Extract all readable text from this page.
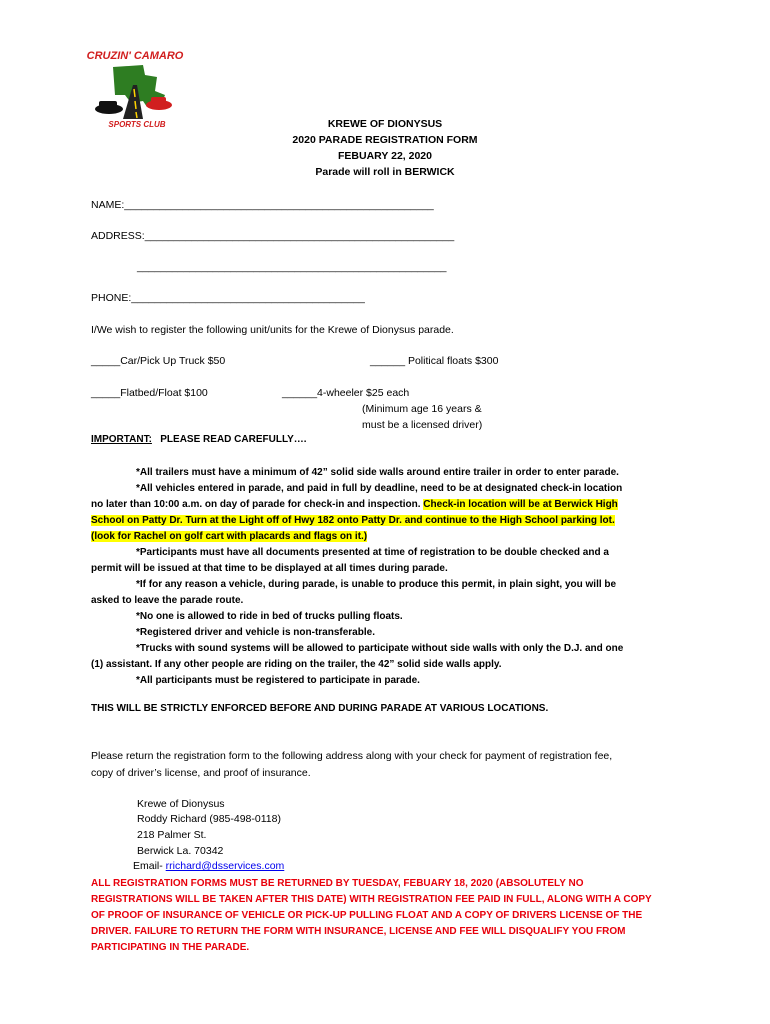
CRUZIN' CAMARO
SPORTS CLUB	KREWE OF DIONYSUS
2020 PARADE REGISTRATION FORM
FEBUARY 22, 2020
Parade will roll in BERWICK
NAME:_____________________________________________________
ADDRESS:_____________________________________________________
_____________________________________________________
PHONE:________________________________________
I/We wish to register the following unit/units for the Krewe of Dionysus parade.
_____Car/Pick Up Truck $50	______ Political floats $300
_____Flatbed/Float $100	______4-wheeler $25 each
(Minimum age 16 years &
must be a licensed driver)
IMPORTANT: PLEASE READ CAREFULLY….

*All trailers must have a minimum of 42” solid side walls around entire trailer in order to enter parade.

*All vehicles entered in parade, and paid in full by deadline, need to be at designated check-in location

no later than 10:00 a.m. on day of parade for check-in and inspection. Check-in location will be at Berwick High

School on Patty Dr. Turn at the Light off of Hwy 182 onto Patty Dr. and continue to the High School parking lot.

(look for Rachel on golf cart with placards and flags on it.)

*Participants must have all documents presented at time of registration to be double checked and a

permit will be issued at that time to be displayed at all times during parade.

*If for any reason a vehicle, during parade, is unable to produce this permit, in plain sight, you will be

asked to leave the parade route.

*No one is allowed to ride in bed of trucks pulling floats.

*Registered driver and vehicle is non-transferable.

*Trucks with sound systems will be allowed to participate without side walls with only the D.J. and one

(1) assistant. If any other people are riding on the trailer, the 42” solid side walls apply.

*All participants must be registered to participate in parade.

THIS WILL BE STRICTLY ENFORCED BEFORE AND DURING PARADE AT VARIOUS LOCATIONS.
Please return the registration form to the following address along with your check for payment of registration fee,
copy of driver’s license, and proof of insurance.
Krewe of Dionysus
Roddy Richard (985-498-0118)
218 Palmer St.
Berwick La. 70342
Email- rrichard@dsservices.com
ALL REGISTRATION FORMS MUST BE RETURNED BY TUESDAY, FEBUARY 18, 2020 (ABSOLUTELY NO
REGISTRATIONS WILL BE TAKEN AFTER THIS DATE) WITH REGISTRATION FEE PAID IN FULL, ALONG WITH A COPY
OF PROOF OF INSURANCE OF VEHICLE OR PICK-UP PULLING FLOAT AND A COPY OF DRIVERS LICENSE OF THE
DRIVER. FAILURE TO RETURN THE FORM WITH INSURANCE, LICENSE AND FEE WILL DISQUALIFY YOU FROM
PARTICIPATING IN THE PARADE.
